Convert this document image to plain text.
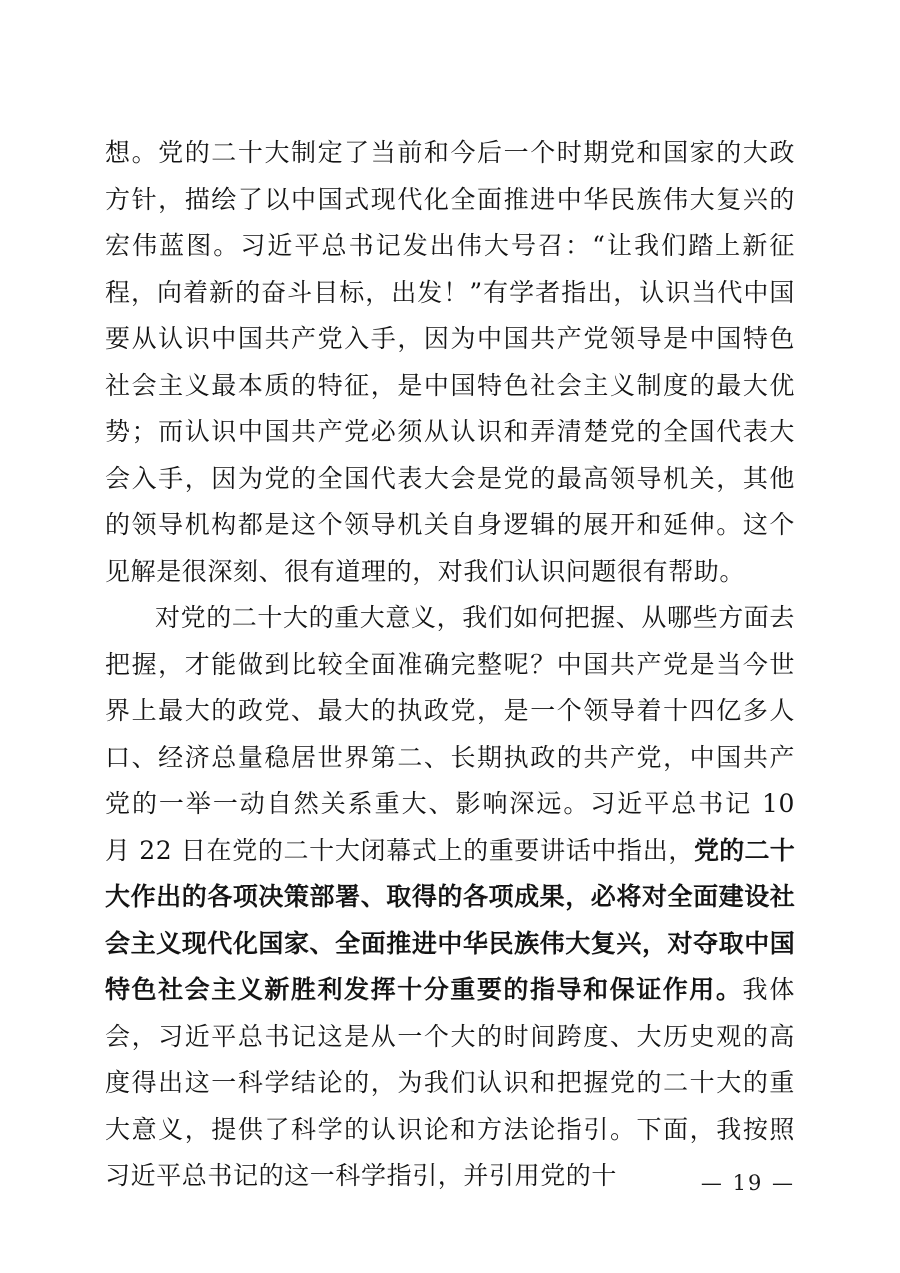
想。党的二十大制定了当前和今后一个时期党和国家的大政方针，描绘了以中国式现代化全面推进中华民族伟大复兴的宏伟蓝图。习近平总书记发出伟大号召：“让我们踏上新征程，向着新的奋斗目标，出发！”有学者指出，认识当代中国要从认识中国共产党入手，因为中国共产党领导是中国特色社会主义最本质的特征，是中国特色社会主义制度的最大优势；而认识中国共产党必须从认识和弄清楚党的全国代表大会入手，因为党的全国代表大会是党的最高领导机关，其他的领导机构都是这个领导机关自身逻辑的展开和延伸。这个见解是很深刻、很有道理的，对我们认识问题很有帮助。

对党的二十大的重大意义，我们如何把握、从哪些方面去把握，才能做到比较全面准确完整呢？中国共产党是当今世界上最大的政党、最大的执政党，是一个领导着十四亿多人口、经济总量稳居世界第二、长期执政的共产党，中国共产党的一举一动自然关系重大、影响深远。习近平总书记 10 月 22 日在党的二十大闭幕式上的重要讲话中指出，党的二十大作出的各项决策部署、取得的各项成果，必将对全面建设社会主义现代化国家、全面推进中华民族伟大复兴，对夺取中国特色社会主义新胜利发挥十分重要的指导和保证作用。我体会，习近平总书记这是从一个大的时间跨度、大历史观的高度得出这一科学结论的，为我们认识和把握党的二十大的重大意义，提供了科学的认识论和方法论指引。下面，我按照习近平总书记的这一科学指引，并引用党的十	— 19 —
